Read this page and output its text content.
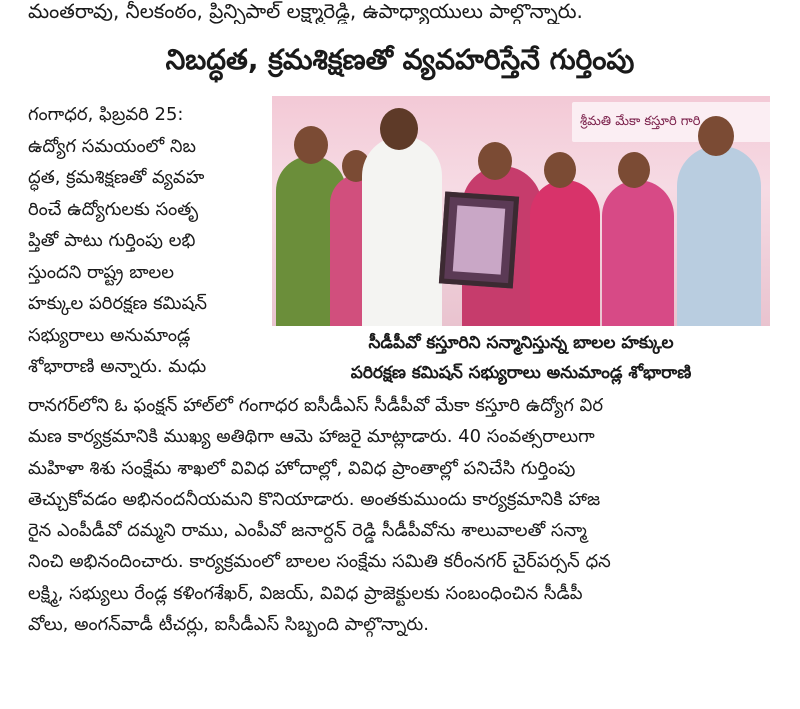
మంతరావు, నీలకంఠం, ప్రిన్సిపాల్ లక్ష్మారెడ్డి, ఉపాధ్యాయులు పాల్గొన్నారు.
నిబద్ధత, క్రమశిక్షణతో వ్యవహరిస్తేనే గుర్తింపు
గంగాధర, ఫిబ్రవరి 25:
ఉద్యోగ సమయంలో నిబ
ద్ధత, క్రమశిక్షణతో వ్యవహ
రించే ఉద్యోగులకు సంతృ
ప్తితో పాటు గుర్తింపు లభి
స్తుందని రాష్ట్ర బాలల
హక్కుల పరిరక్షణ కమిషన్
సభ్యురాలు అనుమాండ్ల
శోభారాణి అన్నారు. మధు
శ్రీమతి మేకా కస్తూరి గారి
సీడీపీవో కస్తూరిని సన్మానిస్తున్న బాలల హక్కుల
పరిరక్షణ కమిషన్ సభ్యురాలు అనుమాండ్ల శోభారాణి
రానగర్‌లోని ఓ ఫంక్షన్ హాల్‌లో గంగాధర ఐసీడీఎస్ సీడీపీవో మేకా కస్తూరి ఉద్యోగ విర
మణ కార్యక్రమానికి ముఖ్య అతిథిగా ఆమె హాజరై మాట్లాడారు. 40 సంవత్సరాలుగా
మహిళా శిశు సంక్షేమ శాఖలో వివిధ హోదాల్లో, వివిధ ప్రాంతాల్లో పనిచేసి గుర్తింపు
తెచ్చుకోవడం అభినందనీయమని కొనియాడారు. అంతకుముందు కార్యక్రమానికి హాజ
రైన ఎంపీడీవో దమ్మని రాము, ఎంపీవో జనార్దన్ రెడ్డి సీడీపీవోను శాలువాలతో సన్మా
నించి అభినందించారు. కార్యక్రమంలో బాలల సంక్షేమ సమితి కరీంనగర్ చైర్‌పర్సన్ ధన
లక్ష్మి, సభ్యులు రేండ్ల కళింగశేఖర్, విజయ్, వివిధ ప్రాజెక్టులకు సంబంధించిన సీడీపీ
వోలు, అంగన్‌వాడీ టీచర్లు, ఐసీడీఎస్ సిబ్బంది పాల్గొన్నారు.
